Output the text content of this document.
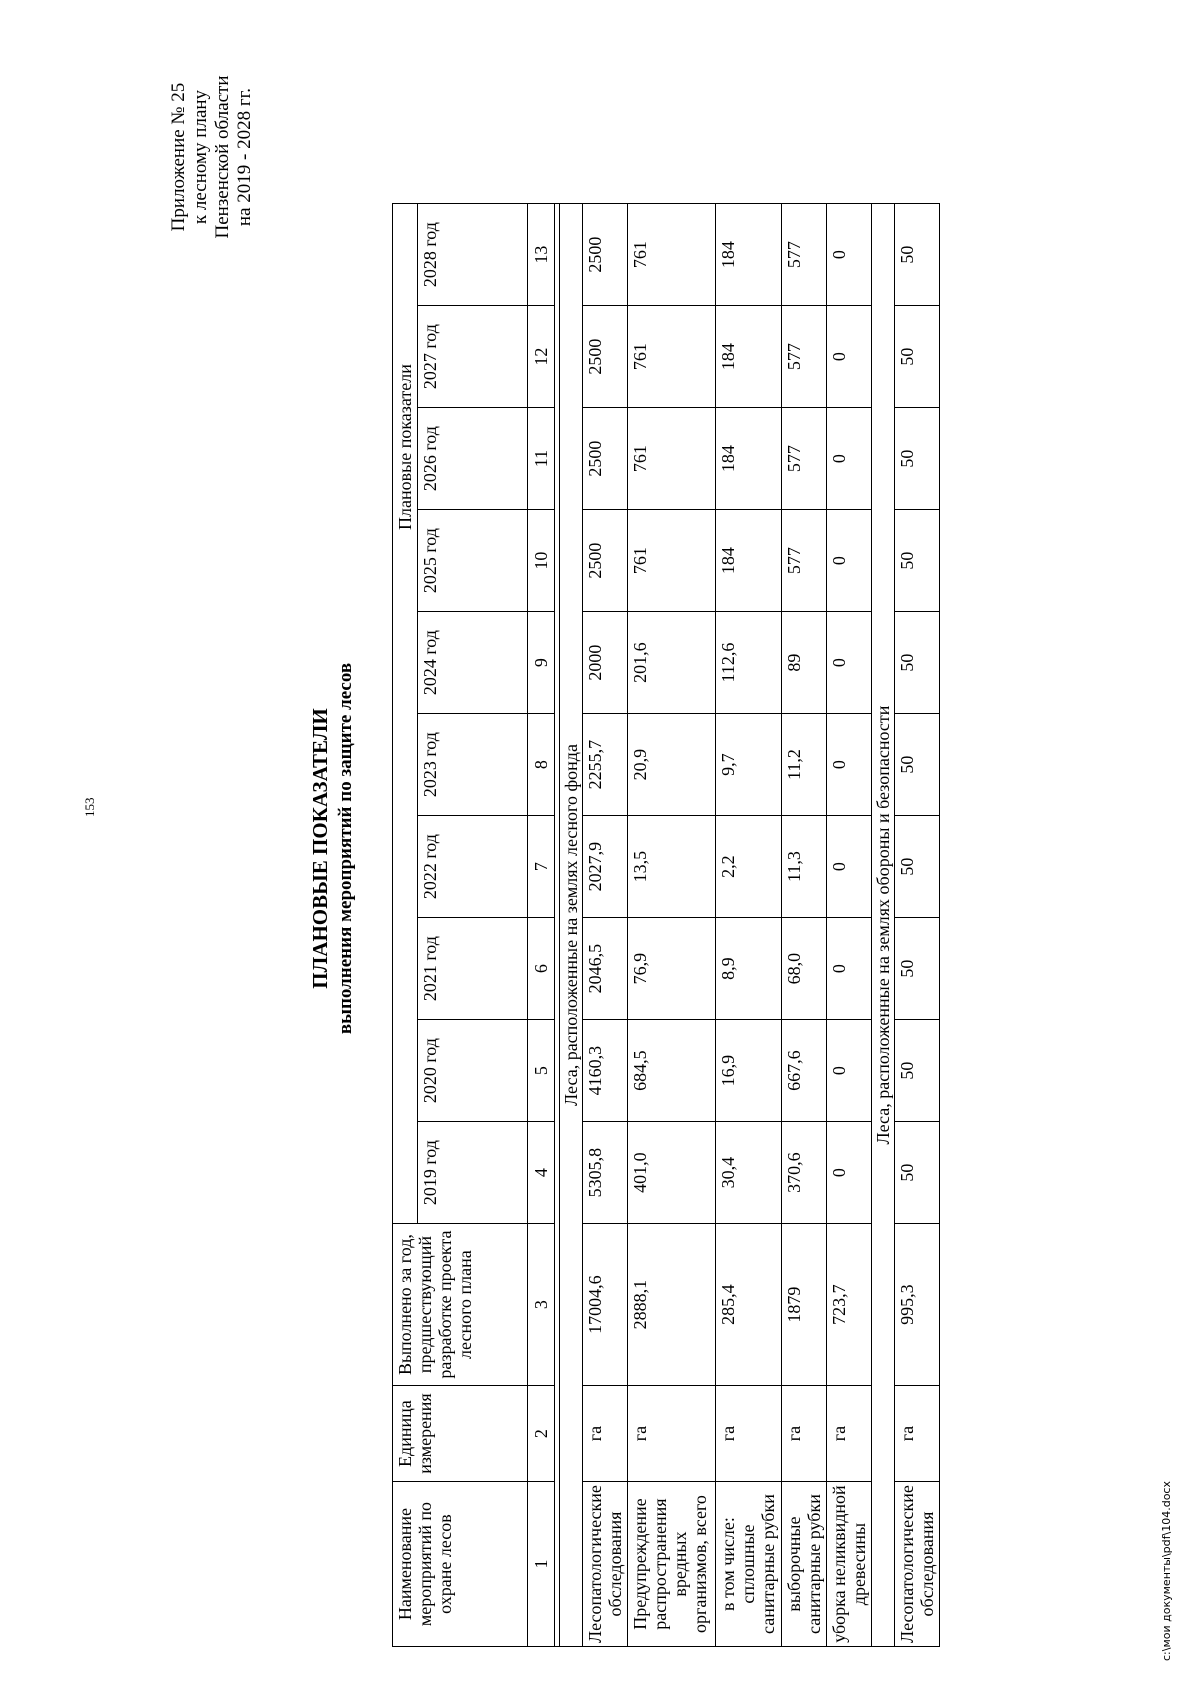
153
Приложение № 25 к лесному плану Пензенской области на 2019 - 2028 гг.
ПЛАНОВЫЕ ПОКАЗАТЕЛИ выполнения мероприятий по защите лесов
Наименование мероприятий по охране лесов	Единица измерения	Выполнено за год, предшествующий разработке проекта лесного плана	Плановые показатели									
			2019 год	2020 год	2021 год	2022 год	2023 год	2024 год	2025 год	2026 год	2027 год	2028 год
1	2	3	4	5	6	7	8	9	10	11	12	13

Леса, расположенные на землях лесного фонда												
Лесопатологические обследования	га	17004,6	5305,8	4160,3	2046,5	2027,9	2255,7	2000	2500	2500	2500	2500
Предупреждение распространения вредных организмов, всего	га	2888,1	401,0	684,5	76,9	13,5	20,9	201,6	761	761	761	761
в том числе: сплошные санитарные рубки	га	285,4	30,4	16,9	8,9	2,2	9,7	112,6	184	184	184	184
выборочные санитарные рубки	га	1879	370,6	667,6	68,0	11,3	11,2	89	577	577	577	577
уборка неликвидной древесины	га	723,7	0	0	0	0	0	0	0	0	0	0
Леса, расположенные на землях обороны и безопасности												
Лесопатологические обследования	га	995,3	50	50	50	50	50	50	50	50	50	50
c:\мои документы\pdf\104.docx
